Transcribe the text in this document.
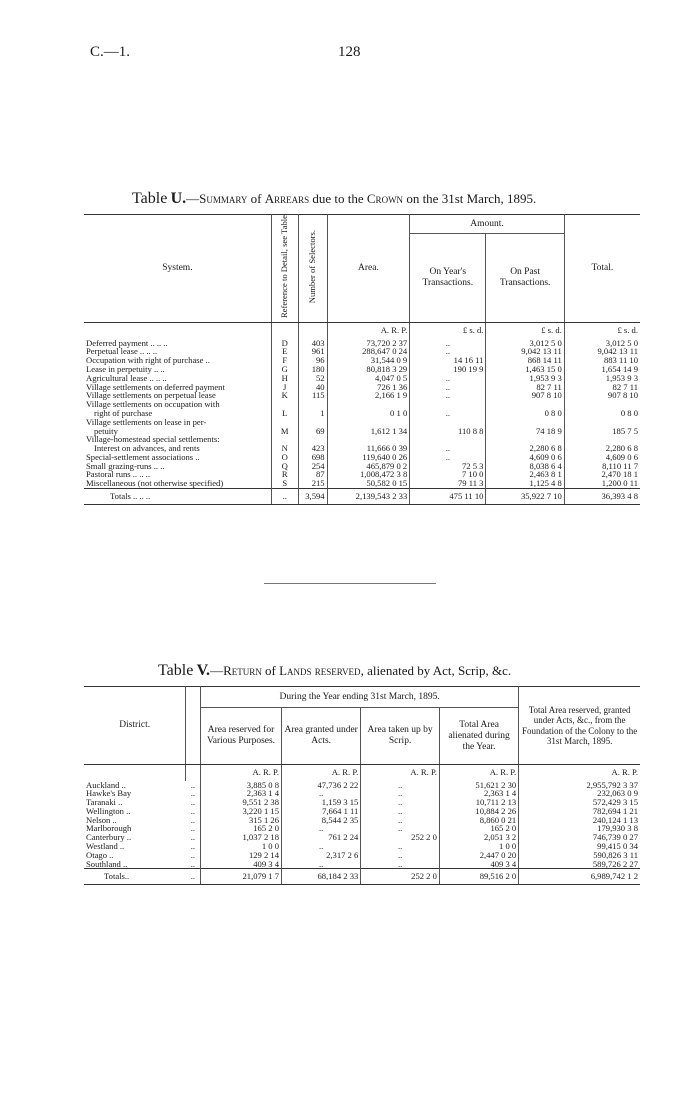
C.—1.	128
Table U.—Summary of Arrears due to the Crown on the 31st March, 1895.
System.	Reference to Detail, see Table	Number of Selectors.	Area.	Amount.		Total.
				On Year's Transactions.	On Past Transactions.	
			A. R. P.	£ s. d.	£ s. d.	£ s. d.

Deferred payment .. .. ..	D	403	73,720 2 37	..	3,012 5 0	3,012 5 0

Perpetual lease .. .. ..	E	961	288,647 0 24	..	9,042 13 11	9,042 13 11

Occupation with right of purchase ..	F	96	31,544 0 9	14 16 11	868 14 11	883 11 10

Lease in perpetuity .. ..	G	180	80,818 3 29	190 19 9	1,463 15 0	1,654 14 9

Agricultural lease .. .. ..	H	52	4,047 0 5	..	1,953 9 3	1,953 9 3

Village settlements on deferred payment	J	40	726 1 36	..	82 7 11	82 7 11

Village settlements on perpetual lease	K	115	2,166 1 9	..	907 8 10	907 8 10

Village settlements on occupation with
right of purchase	L	1	0 1 0	..	0 8 0	0 8 0

Village settlements on lease in per-
petuity	M	69	1,612 1 34	110 8 8	74 18 9	185 7 5

Village-homestead special settlements:
Interest on advances, and rents	N	423	11,666 0 39	..	2,280 6 8	2,280 6 8

Special-settlement associations ..	O	698	119,640 0 26	..	4,609 0 6	4,609 0 6

Small grazing-runs .. ..	Q	254	465,879 0 2	72 5 3	8,038 6 4	8,110 11 7

Pastoral runs .. .. ..	R	87	1,008,472 3 8	7 10 0	2,463 8 1	2,470 18 1

Miscellaneous (not otherwise specified)	S	215	50,582 0 15	79 11 3	1,125 4 8	1,200 0 11
Totals .. .. ..	..	3,594	2,139,543 2 33	475 11 10	35,922 7 10	36,393 4 8
Table V.—Return of Lands reserved, alienated by Act, Scrip, &c.
District.		During the Year ending 31st March, 1895.				Total Area reserved, granted under Acts, &c., from the Foundation of the Colony to the 31st March, 1895.
		Area reserved for Various Purposes.	Area granted under Acts.	Area taken up by Scrip.	Total Area alienated during the Year.	
		A. R. P.	A. R. P.	A. R. P.	A. R. P.	A. R. P.
Auckland ..	..	3,885 0 8	47,736 2 22	..	51,621 2 30	2,955,792 3 37
Hawke's Bay	..	2,363 1 4	..	..	2,363 1 4	232,063 0 9
Taranaki ..	..	9,551 2 38	1,159 3 15	..	10,711 2 13	572,429 3 15
Wellington ..	..	3,220 1 15	7,664 1 11	..	10,884 2 26	782,694 1 21
Nelson ..	..	315 1 26	8,544 2 35	..	8,860 0 21	240,124 1 13
Marlborough	..	165 2 0	..	..	165 2 0	179,930 3 8
Canterbury ..	..	1,037 2 18	761 2 24	252 2 0	2,051 3 2	746,739 0 27
Westland ..	..	1 0 0	..	..	1 0 0	99,415 0 34
Otago ..	..	129 2 14	2,317 2 6	..	2,447 0 20	590,826 3 11
Southland ..	..	409 3 4	..	..	409 3 4	589,726 2 27
Totals..	..	21,079 1 7	68,184 2 33	252 2 0	89,516 2 0	6,989,742 1 2
